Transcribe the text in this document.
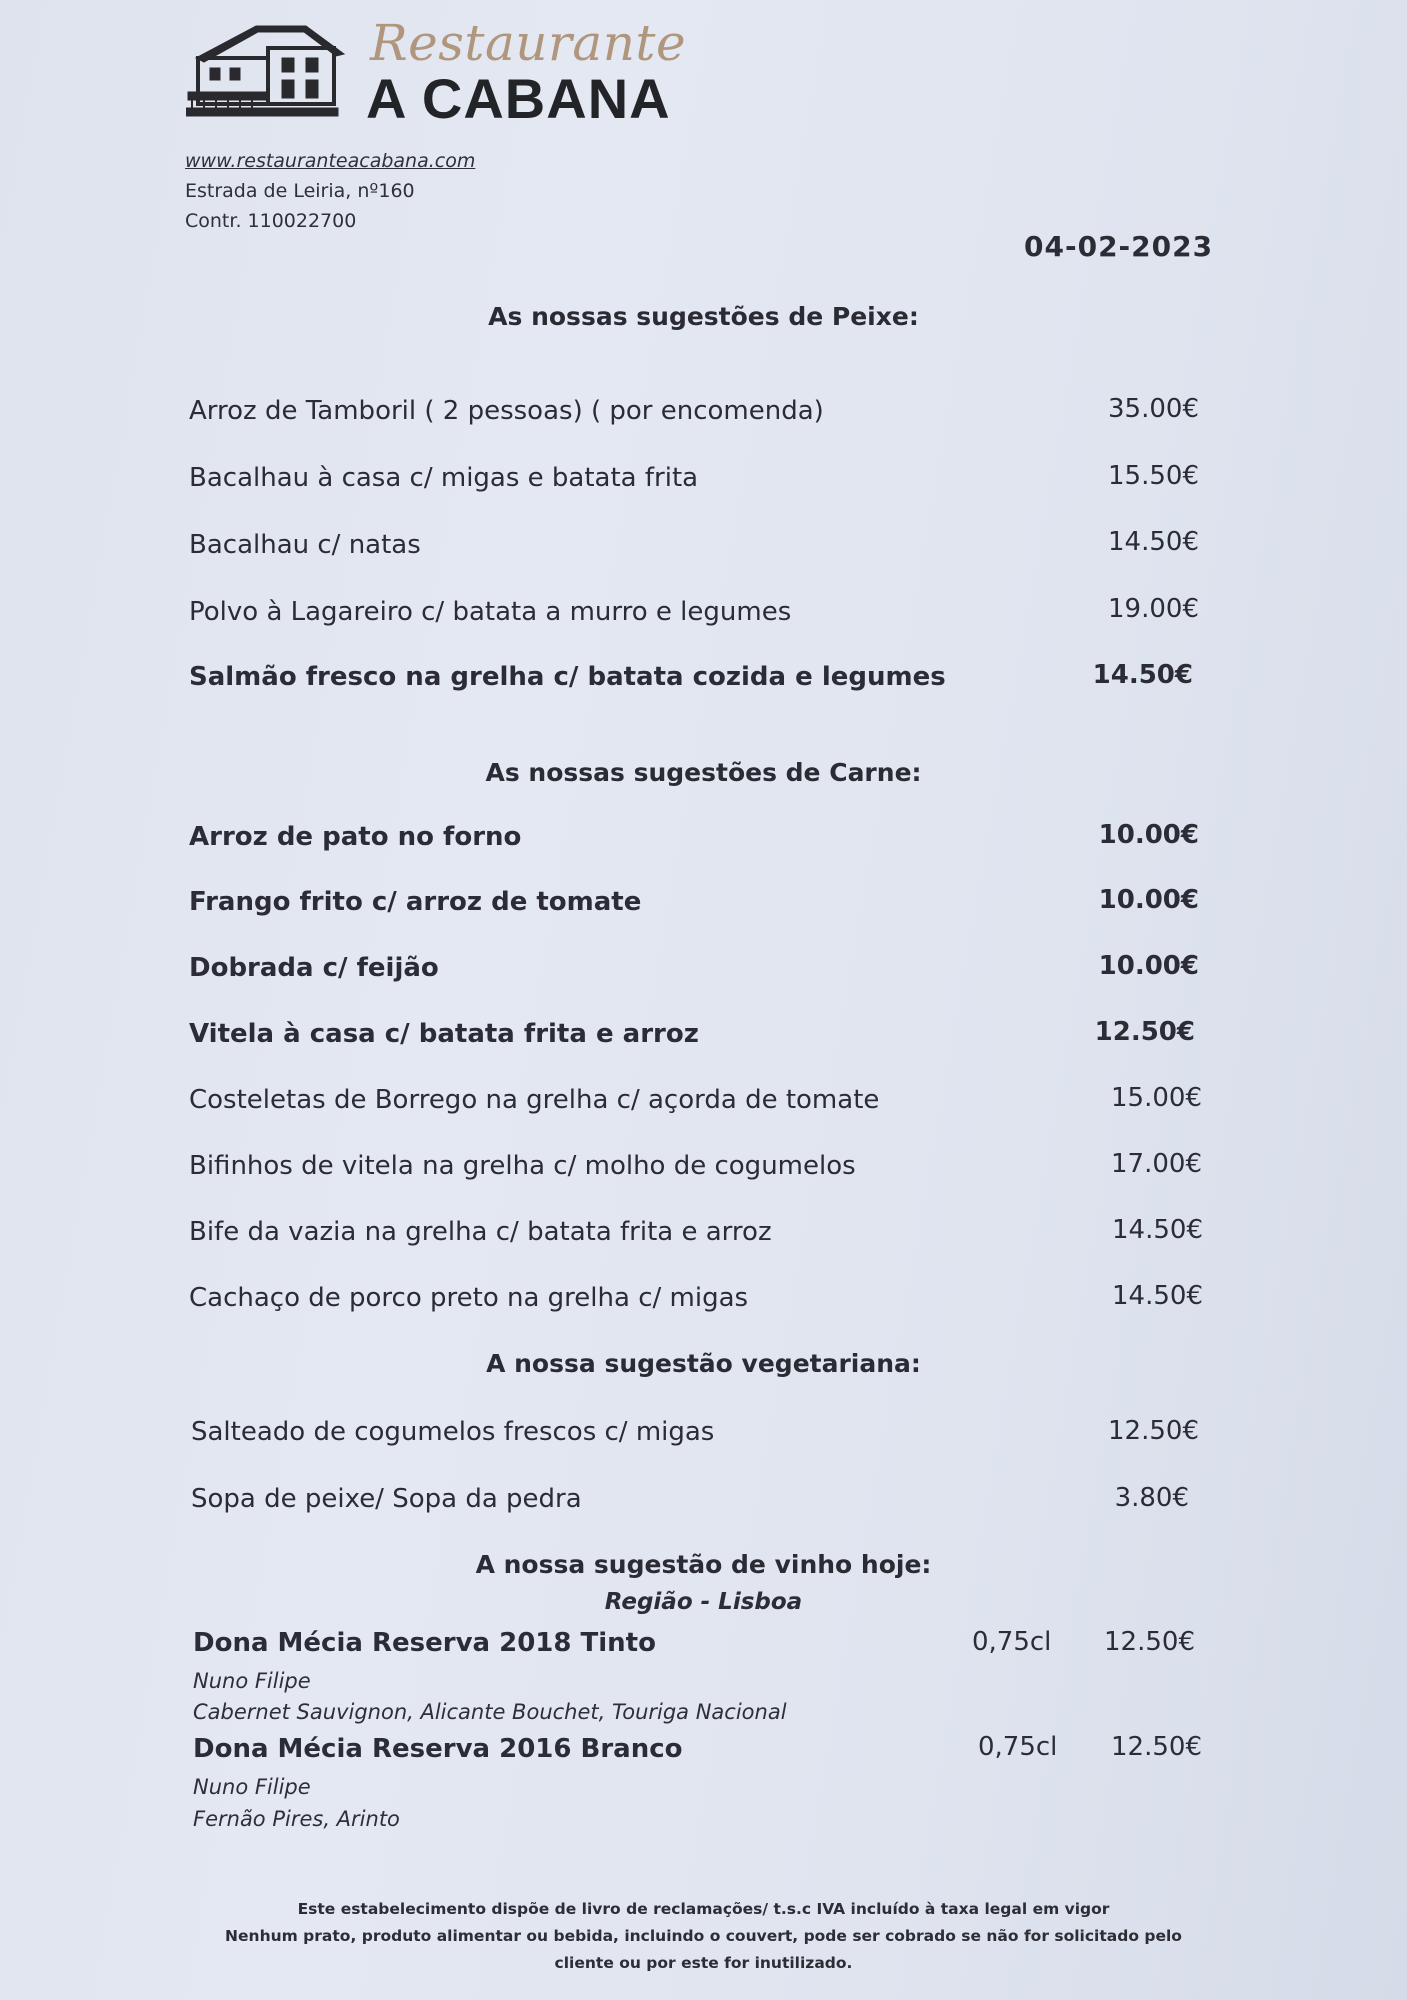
Restaurante
A CABANA
www.restauranteacabana.com
Estrada de Leiria, nº160
Contr. 110022700
04-02-2023
As nossas sugestões de Peixe:
Arroz de Tamboril ( 2 pessoas) ( por encomenda)	35.00€
Bacalhau à casa c/ migas e batata frita	15.50€
Bacalhau c/ natas	14.50€
Polvo à Lagareiro c/ batata a murro e legumes	19.00€
Salmão fresco na grelha c/ batata cozida e legumes	14.50€
As nossas sugestões de Carne:
Arroz de pato no forno	10.00€
Frango frito c/ arroz de tomate	10.00€
Dobrada c/ feijão	10.00€
Vitela à casa c/ batata frita e arroz	12.50€
Costeletas de Borrego na grelha c/ açorda de tomate	15.00€
Bifinhos de vitela na grelha c/ molho de cogumelos	17.00€
Bife da vazia na grelha c/ batata frita e arroz	14.50€
Cachaço de porco preto na grelha c/ migas	14.50€
A nossa sugestão vegetariana:
Salteado de cogumelos frescos c/ migas	12.50€
Sopa de peixe/ Sopa da pedra	3.80€
A nossa sugestão de vinho hoje:
Região - Lisboa
Dona Mécia Reserva 2018 Tinto	0,75cl 12.50€
Nuno Filipe
Cabernet Sauvignon, Alicante Bouchet, Touriga Nacional
Dona Mécia Reserva 2016 Branco	0,75cl 12.50€
Nuno Filipe
Fernão Pires, Arinto
Este estabelecimento dispõe de livro de reclamações/ t.s.c IVA incluído à taxa legal em vigor
Nenhum prato, produto alimentar ou bebida, incluindo o couvert, pode ser cobrado se não for solicitado pelo
cliente ou por este for inutilizado.
